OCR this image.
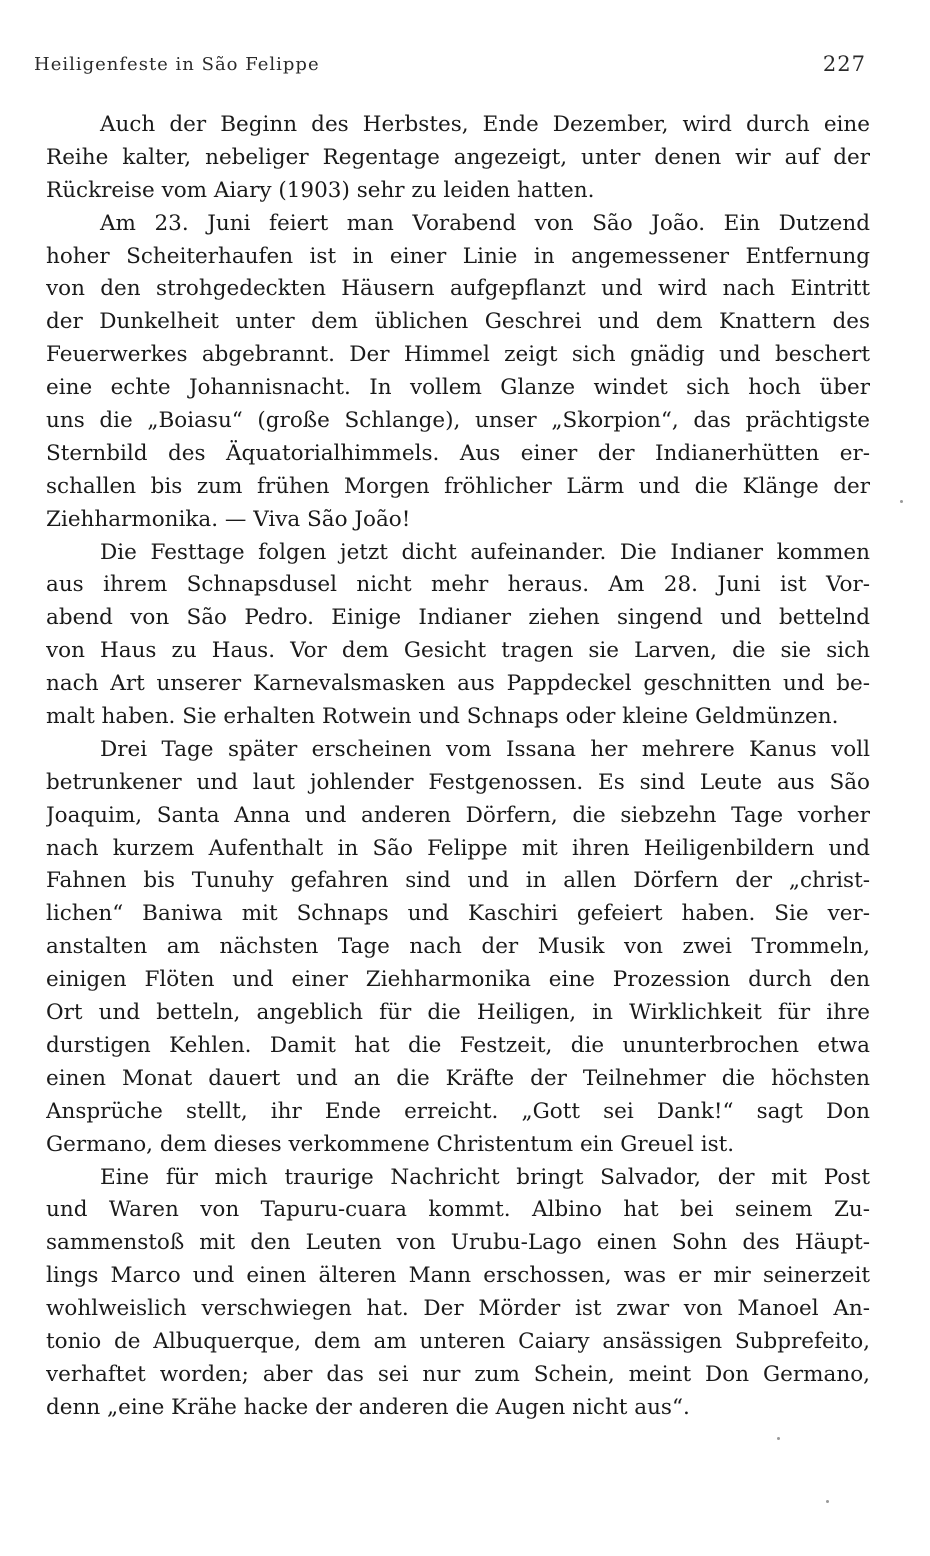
Heiligenfeste in São Felippe	227
Auch der Beginn des Herbstes, Ende Dezember, wird durch eine
Reihe kalter, nebeliger Regentage angezeigt, unter denen wir auf der
Rückreise vom Aiary (1903) sehr zu leiden hatten.
Am 23. Juni feiert man Vorabend von São João. Ein Dutzend
hoher Scheiterhaufen ist in einer Linie in angemessener Entfernung
von den strohgedeckten Häusern aufgepflanzt und wird nach Eintritt
der Dunkelheit unter dem üblichen Geschrei und dem Knattern des
Feuerwerkes abgebrannt. Der Himmel zeigt sich gnädig und beschert
eine echte Johannisnacht. In vollem Glanze windet sich hoch über
uns die „Boiasu“ (große Schlange), unser „Skorpion“, das prächtigste
Sternbild des Äquatorialhimmels. Aus einer der Indianerhütten er-
schallen bis zum frühen Morgen fröhlicher Lärm und die Klänge der
Ziehharmonika. — Viva São João!
Die Festtage folgen jetzt dicht aufeinander. Die Indianer kommen
aus ihrem Schnapsdusel nicht mehr heraus. Am 28. Juni ist Vor-
abend von São Pedro. Einige Indianer ziehen singend und bettelnd
von Haus zu Haus. Vor dem Gesicht tragen sie Larven, die sie sich
nach Art unserer Karnevalsmasken aus Pappdeckel geschnitten und be-
malt haben. Sie erhalten Rotwein und Schnaps oder kleine Geldmünzen.
Drei Tage später erscheinen vom Issana her mehrere Kanus voll
betrunkener und laut johlender Festgenossen. Es sind Leute aus São
Joaquim, Santa Anna und anderen Dörfern, die siebzehn Tage vorher
nach kurzem Aufenthalt in São Felippe mit ihren Heiligenbildern und
Fahnen bis Tunuhy gefahren sind und in allen Dörfern der „christ-
lichen“ Baniwa mit Schnaps und Kaschiri gefeiert haben. Sie ver-
anstalten am nächsten Tage nach der Musik von zwei Trommeln,
einigen Flöten und einer Ziehharmonika eine Prozession durch den
Ort und betteln, angeblich für die Heiligen, in Wirklichkeit für ihre
durstigen Kehlen. Damit hat die Festzeit, die ununterbrochen etwa
einen Monat dauert und an die Kräfte der Teilnehmer die höchsten
Ansprüche stellt, ihr Ende erreicht. „Gott sei Dank!“ sagt Don
Germano, dem dieses verkommene Christentum ein Greuel ist.
Eine für mich traurige Nachricht bringt Salvador, der mit Post
und Waren von Tapuru-cuara kommt. Albino hat bei seinem Zu-
sammenstoß mit den Leuten von Urubu-Lago einen Sohn des Häupt-
lings Marco und einen älteren Mann erschossen, was er mir seinerzeit
wohlweislich verschwiegen hat. Der Mörder ist zwar von Manoel An-
tonio de Albuquerque, dem am unteren Caiary ansässigen Subprefeito,
verhaftet worden; aber das sei nur zum Schein, meint Don Germano,
denn „eine Krähe hacke der anderen die Augen nicht aus“.
